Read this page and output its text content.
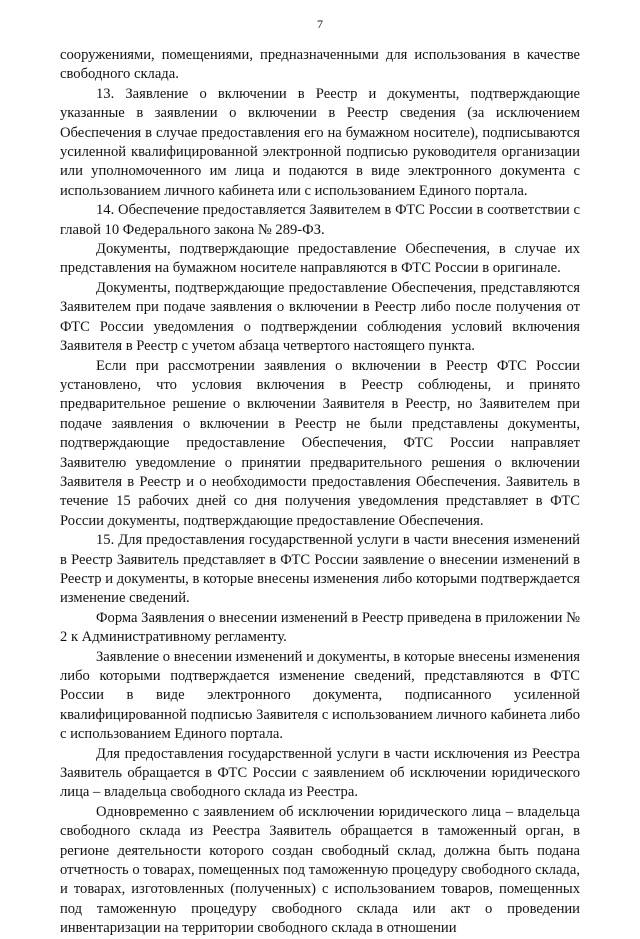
7

сооружениями, помещениями, предназначенными для использования в качестве свободного склада.

13. Заявление о включении в Реестр и документы, подтверждающие указанные в заявлении о включении в Реестр сведения (за исключением Обеспечения в случае предоставления его на бумажном носителе), подписываются усиленной квалифицированной электронной подписью руководителя организации или уполномоченного им лица и подаются в виде электронного документа с использованием личного кабинета или с использованием Единого портала.

14. Обеспечение предоставляется Заявителем в ФТС России в соответствии с главой 10 Федерального закона № 289-ФЗ.

Документы, подтверждающие предоставление Обеспечения, в случае их представления на бумажном носителе направляются в ФТС России в оригинале.

Документы, подтверждающие предоставление Обеспечения, представляются Заявителем при подаче заявления о включении в Реестр либо после получения от ФТС России уведомления о подтверждении соблюдения условий включения Заявителя в Реестр с учетом абзаца четвертого настоящего пункта.

Если при рассмотрении заявления о включении в Реестр ФТС России установлено, что условия включения в Реестр соблюдены, и принято предварительное решение о включении Заявителя в Реестр, но Заявителем при подаче заявления о включении в Реестр не были представлены документы, подтверждающие предоставление Обеспечения, ФТС России направляет Заявителю уведомление о принятии предварительного решения о включении Заявителя в Реестр и о необходимости предоставления Обеспечения. Заявитель в течение 15 рабочих дней со дня получения уведомления представляет в ФТС России документы, подтверждающие предоставление Обеспечения.

15. Для предоставления государственной услуги в части внесения изменений в Реестр Заявитель представляет в ФТС России заявление о внесении изменений в Реестр и документы, в которые внесены изменения либо которыми подтверждается изменение сведений.

Форма Заявления о внесении изменений в Реестр приведена в приложении № 2 к Административному регламенту.

Заявление о внесении изменений и документы, в которые внесены изменения либо которыми подтверждается изменение сведений, представляются в ФТС России в виде электронного документа, подписанного усиленной квалифицированной подписью Заявителя с использованием личного кабинета либо с использованием Единого портала.

Для предоставления государственной услуги в части исключения из Реестра Заявитель обращается в ФТС России с заявлением об исключении юридического лица – владельца свободного склада из Реестра.

Одновременно с заявлением об исключении юридического лица – владельца свободного склада из Реестра Заявитель обращается в таможенный орган, в регионе деятельности которого создан свободный склад, должна быть подана отчетность о товарах, помещенных под таможенную процедуру свободного склада, и товарах, изготовленных (полученных) с использованием товаров, помещенных под таможенную процедуру свободного склада или акт о проведении инвентаризации на территории свободного склада в отношении
